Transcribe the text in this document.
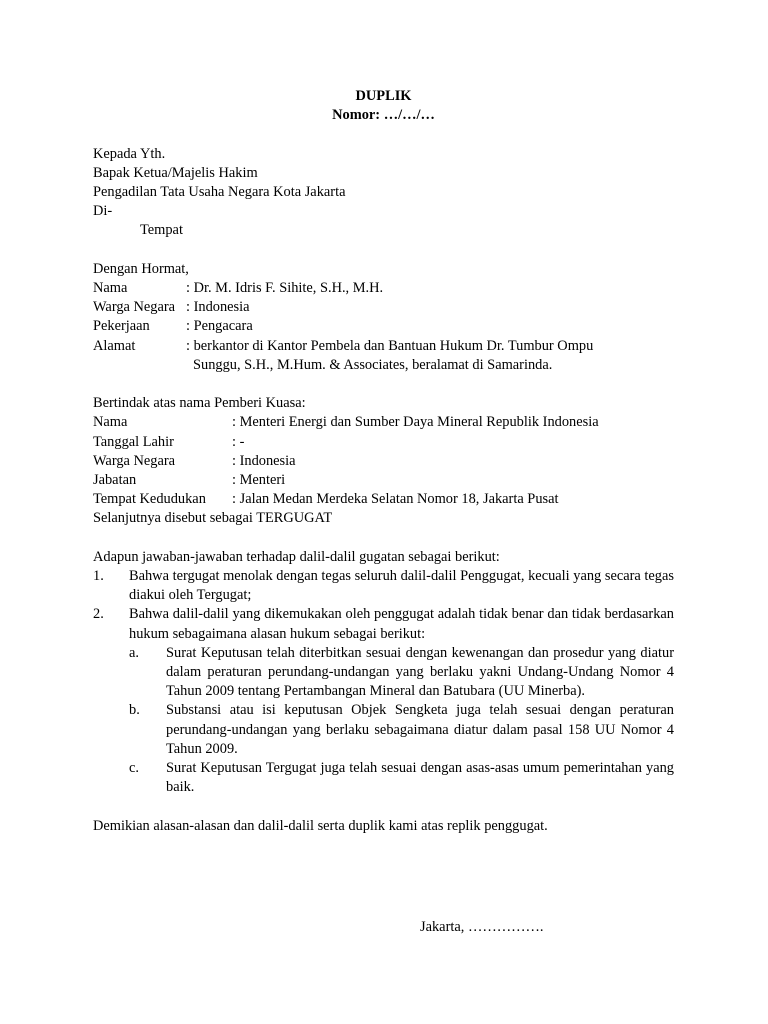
DUPLIK
Nomor: …/…/…
Kepada Yth.
Bapak Ketua/Majelis Hakim
Pengadilan Tata Usaha Negara Kota Jakarta
Di-
Tempat
Dengan Hormat,
Nama	: Dr. M. Idris F. Sihite, S.H., M.H.
Warga Negara : Indonesia
Pekerjaan	: Pengacara
Alamat	: berkantor di Kantor Pembela dan Bantuan Hukum Dr. Tumbur Ompu
Sunggu, S.H., M.Hum. & Associates, beralamat di Samarinda.
Bertindak atas nama Pemberi Kuasa:
Nama	: Menteri Energi dan Sumber Daya Mineral Republik Indonesia
Tanggal Lahir	: -
Warga Negara	: Indonesia
Jabatan	: Menteri
Tempat Kedudukan	: Jalan Medan Merdeka Selatan Nomor 18, Jakarta Pusat
Selanjutnya disebut sebagai TERGUGAT
Adapun jawaban-jawaban terhadap dalil-dalil gugatan sebagai berikut:
1.	Bahwa tergugat menolak dengan tegas seluruh dalil-dalil Penggugat, kecuali yang secara tegas diakui oleh Tergugat;
2.	Bahwa dalil-dalil yang dikemukakan oleh penggugat adalah tidak benar dan tidak berdasarkan hukum sebagaimana alasan hukum sebagai berikut:
a.	Surat Keputusan telah diterbitkan sesuai dengan kewenangan dan prosedur yang diatur dalam peraturan perundang-undangan yang berlaku yakni Undang-Undang Nomor 4 Tahun 2009 tentang Pertambangan Mineral dan Batubara (UU Minerba).
b.	Substansi atau isi keputusan Objek Sengketa juga telah sesuai dengan peraturan perundang-undangan yang berlaku sebagaimana diatur dalam pasal 158 UU Nomor 4 Tahun 2009.
c.	Surat Keputusan Tergugat juga telah sesuai dengan asas-asas umum pemerintahan yang baik.
Demikian alasan-alasan dan dalil-dalil serta duplik kami atas replik penggugat.
Jakarta, …………….
